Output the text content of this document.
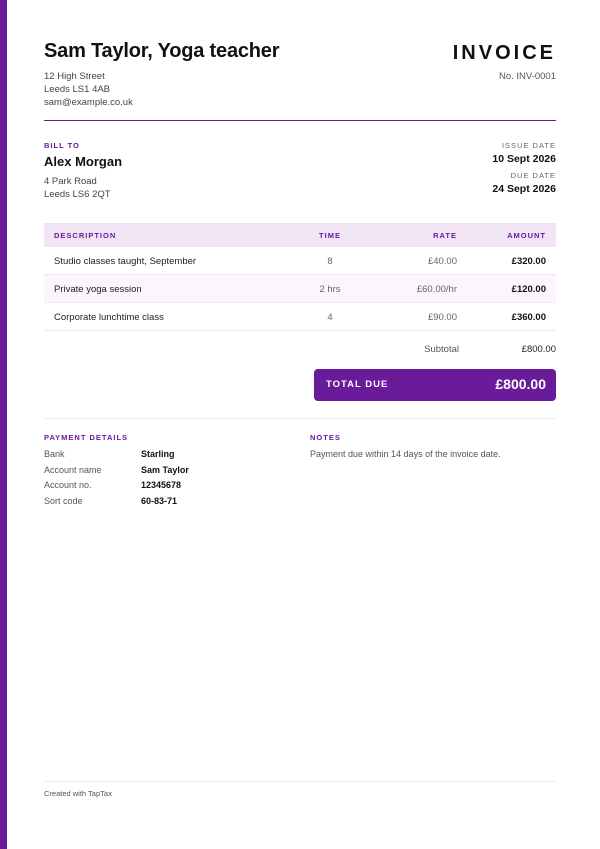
Sam Taylor, Yoga teacher
12 High Street
Leeds LS1 4AB
sam@example.co.uk
INVOICE
No. INV-0001
BILL TO
Alex Morgan
4 Park Road
Leeds LS6 2QT
ISSUE DATE
10 Sept 2026
DUE DATE
24 Sept 2026
DESCRIPTION	TIME	RATE	AMOUNT
Studio classes taught, September	8	£40.00	£320.00
Private yoga session	2 hrs	£60.00/hr	£120.00
Corporate lunchtime class	4	£90.00	£360.00
Subtotal	£800.00
TOTAL DUE	£800.00
PAYMENT DETAILS
Bank	Starling
Account name	Sam Taylor
Account no.	12345678
Sort code	60-83-71
NOTES
Payment due within 14 days of the invoice date.
Created with TapTax
